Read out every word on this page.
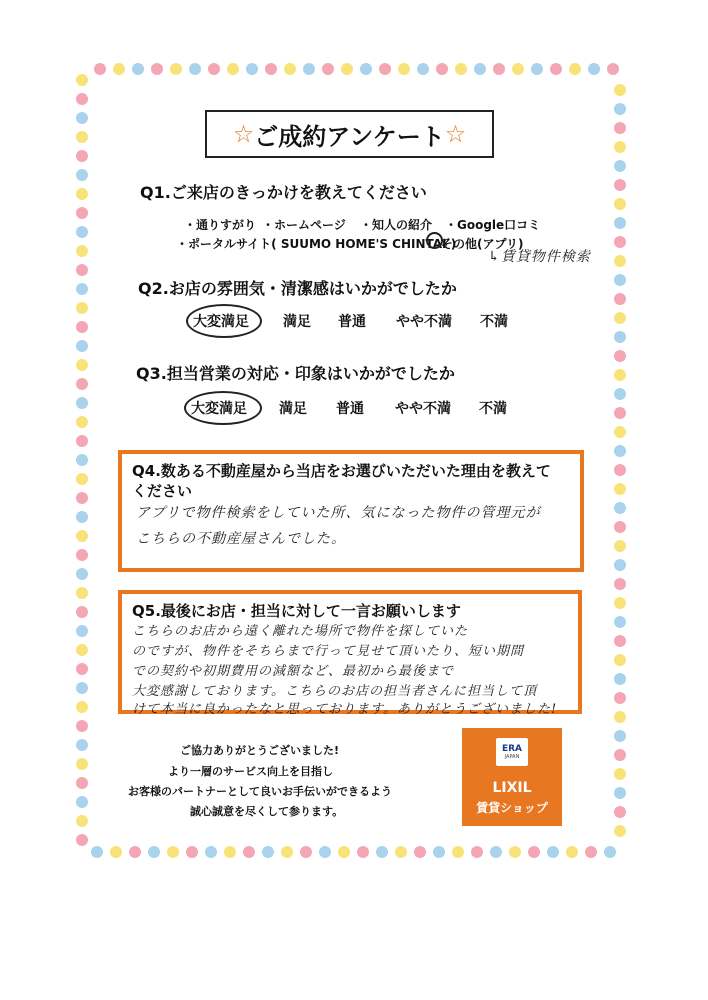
☆ ご成約アンケート ☆
Q1.ご来店のきっかけを教えてください
・通りすがり ・ホームページ ・知人の紹介 ・Google口コミ
・ポータルサイト( SUUMO HOME'S CHINTAI )
その他(アプリ)
↳賃貸物件検索
Q2.お店の雰囲気・清潔感はいかがでしたか
大変満足 満足 普通 やや不満 不満
Q3.担当営業の対応・印象はいかがでしたか
大変満足 満足 普通 やや不満 不満
Q4.数ある不動産屋から当店をお選びいただいた理由を教えて
ください
アプリで物件検索をしていた所、気になった物件の管理元が
こちらの不動産屋さんでした。
Q5.最後にお店・担当に対して一言お願いします
こちらのお店から遠く離れた場所で物件を探していた
のですが、物件をそちらまで行って見せて頂いたり、短い期間
での契約や初期費用の減額など、最初から最後まで
大変感謝しております。こちらのお店の担当者さんに担当して頂
けて本当に良かったなと思っております。ありがとうございました!
ご協力ありがとうございました!
より一層のサービス向上を目指し
お客様のパートナーとして良いお手伝いができるよう
誠心誠意を尽くして参ります。
ERA
JAPAN
LIXIL
賃貸ショップ
